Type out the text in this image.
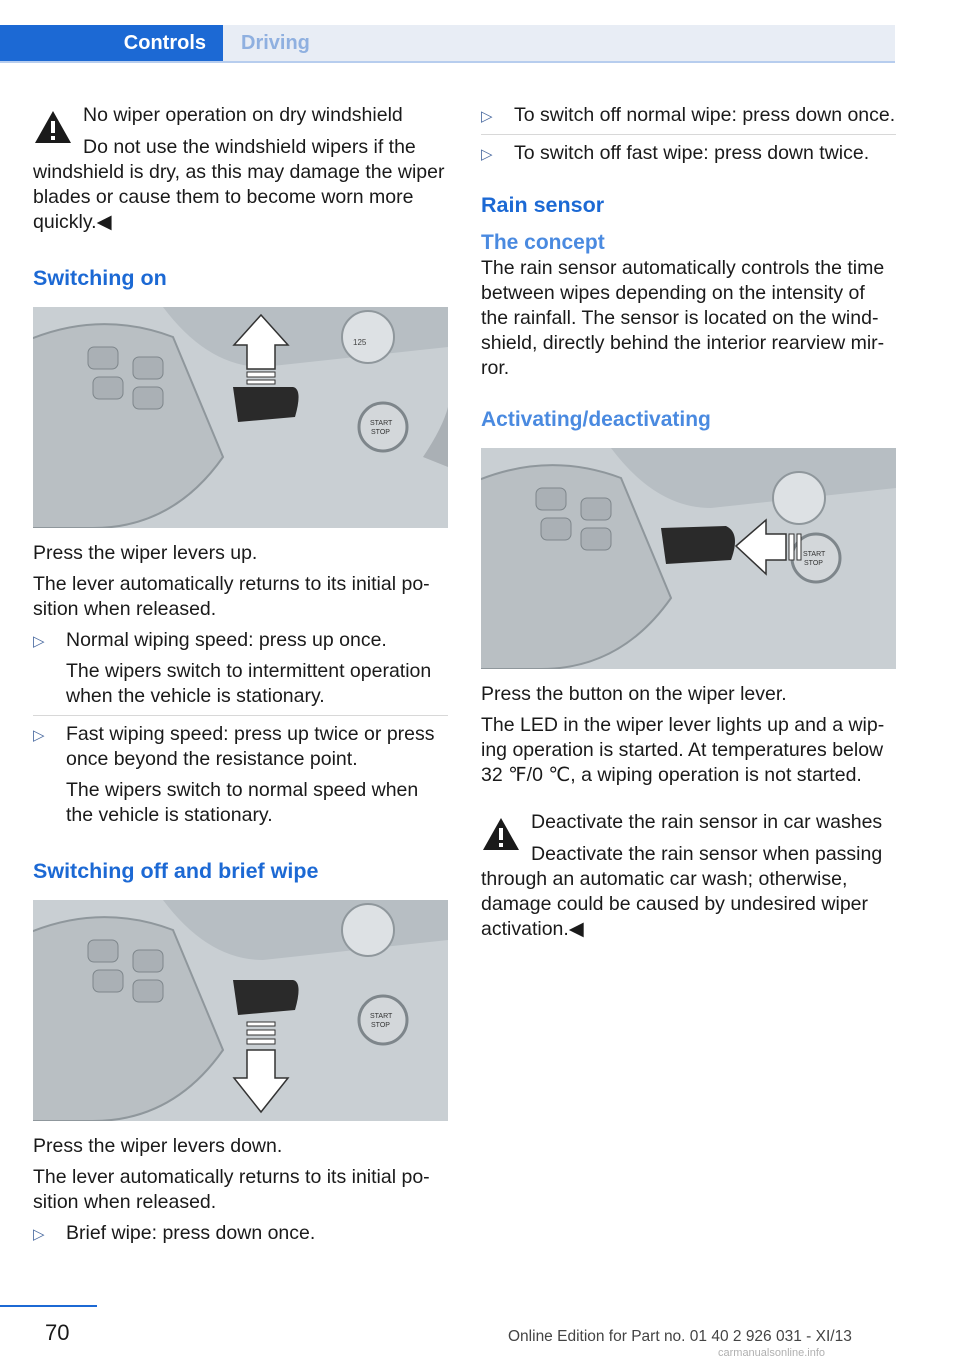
Controls	Driving

No wiper operation on dry windshield

Do not use the windshield wipers if the

windshield is dry, as this may damage the wiper blades or cause them to become worn more quickly.◀

Switching on

125
START
STOP

Press the wiper levers up.

The lever automatically returns to its initial po-sition when released.

▷ Normal wiping speed: press up once.

The wipers switch to intermittent operation when the vehicle is stationary.

▷ Fast wiping speed: press up twice or press once beyond the resistance point.

The wipers switch to normal speed when the vehicle is stationary.

Switching off and brief wipe

START
STOP

Press the wiper levers down.

The lever automatically returns to its initial po-sition when released.

▷ Brief wipe: press down once.

▷ To switch off normal wipe: press down once.

▷ To switch off fast wipe: press down twice.

Rain sensor

The concept

The rain sensor automatically controls the time between wipes depending on the intensity of the rainfall. The sensor is located on the wind-shield, directly behind the interior rearview mir-ror.

Activating/deactivating

START
STOP

Press the button on the wiper lever.

The LED in the wiper lever lights up and a wip-ing operation is started. At temperatures below 32 ℉/0 ℃, a wiping operation is not started.

Deactivate the rain sensor in car washes

Deactivate the rain sensor when passing

through an automatic car wash; otherwise, damage could be caused by undesired wiper activation.◀

70	Online Edition for Part no. 01 40 2 926 031 - XI/13
carmanualsonline.info
